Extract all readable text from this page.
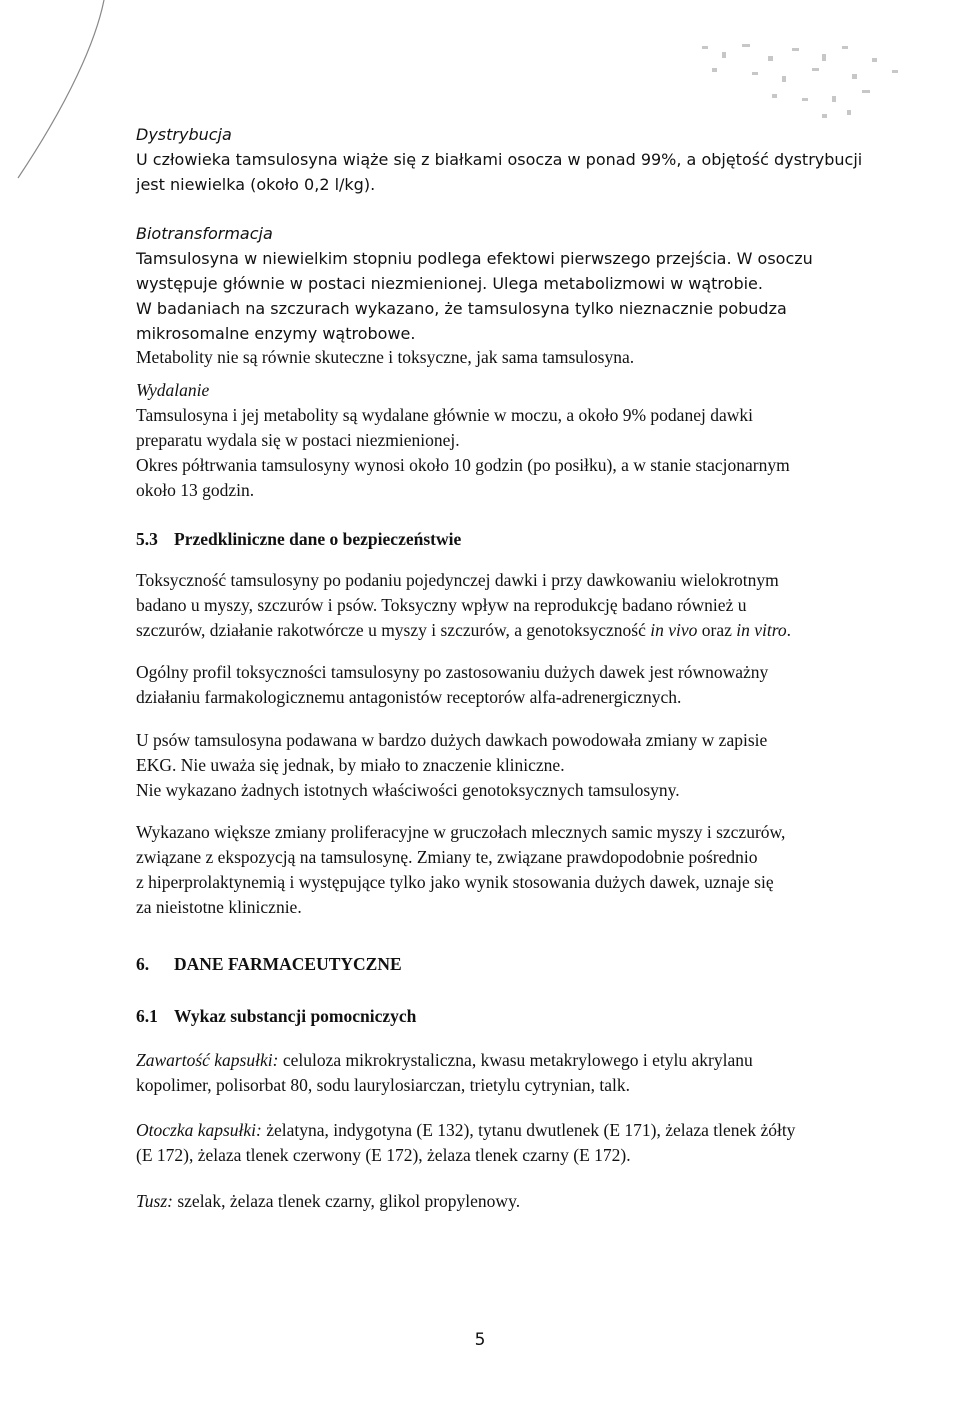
Dystrybucja
U człowieka tamsulosyna wiąże się z białkami osocza w ponad 99%, a objętość dystrybucji
jest niewielka (około 0,2 l/kg).
Biotransformacja
Tamsulosyna w niewielkim stopniu podlega efektowi pierwszego przejścia. W osoczu
występuje głównie w postaci niezmienionej. Ulega metabolizmowi w wątrobie.
W badaniach na szczurach wykazano, że tamsulosyna tylko nieznacznie pobudza
mikrosomalne enzymy wątrobowe.
Metabolity nie są równie skuteczne i toksyczne, jak sama tamsulosyna.
Wydalanie
Tamsulosyna i jej metabolity są wydalane głównie w moczu, a około 9% podanej dawki
preparatu wydala się w postaci niezmienionej.
Okres półtrwania tamsulosyny wynosi około 10 godzin (po posiłku), a w stanie stacjonarnym
około 13 godzin.
5.3 Przedkliniczne dane o bezpieczeństwie
Toksyczność tamsulosyny po podaniu pojedynczej dawki i przy dawkowaniu wielokrotnym
badano u myszy, szczurów i psów. Toksyczny wpływ na reprodukcję badano również u
szczurów, działanie rakotwórcze u myszy i szczurów, a genotoksyczność in vivo oraz in vitro.
Ogólny profil toksyczności tamsulosyny po zastosowaniu dużych dawek jest równoważny
działaniu farmakologicznemu antagonistów receptorów alfa-adrenergicznych.
U psów tamsulosyna podawana w bardzo dużych dawkach powodowała zmiany w zapisie
EKG. Nie uważa się jednak, by miało to znaczenie kliniczne.
Nie wykazano żadnych istotnych właściwości genotoksycznych tamsulosyny.
Wykazano większe zmiany proliferacyjne w gruczołach mlecznych samic myszy i szczurów,
związane z ekspozycją na tamsulosynę. Zmiany te, związane prawdopodobnie pośrednio
z hiperprolaktynemią i występujące tylko jako wynik stosowania dużych dawek, uznaje się
za nieistotne klinicznie.
6. DANE FARMACEUTYCZNE
6.1 Wykaz substancji pomocniczych
Zawartość kapsułki: celuloza mikrokrystaliczna, kwasu metakrylowego i etylu akrylanu
kopolimer, polisorbat 80, sodu laurylosiarczan, trietylu cytrynian, talk.
Otoczka kapsułki: żelatyna, indygotyna (E 132), tytanu dwutlenek (E 171), żelaza tlenek żółty
(E 172), żelaza tlenek czerwony (E 172), żelaza tlenek czarny (E 172).
Tusz: szelak, żelaza tlenek czarny, glikol propylenowy.
5
